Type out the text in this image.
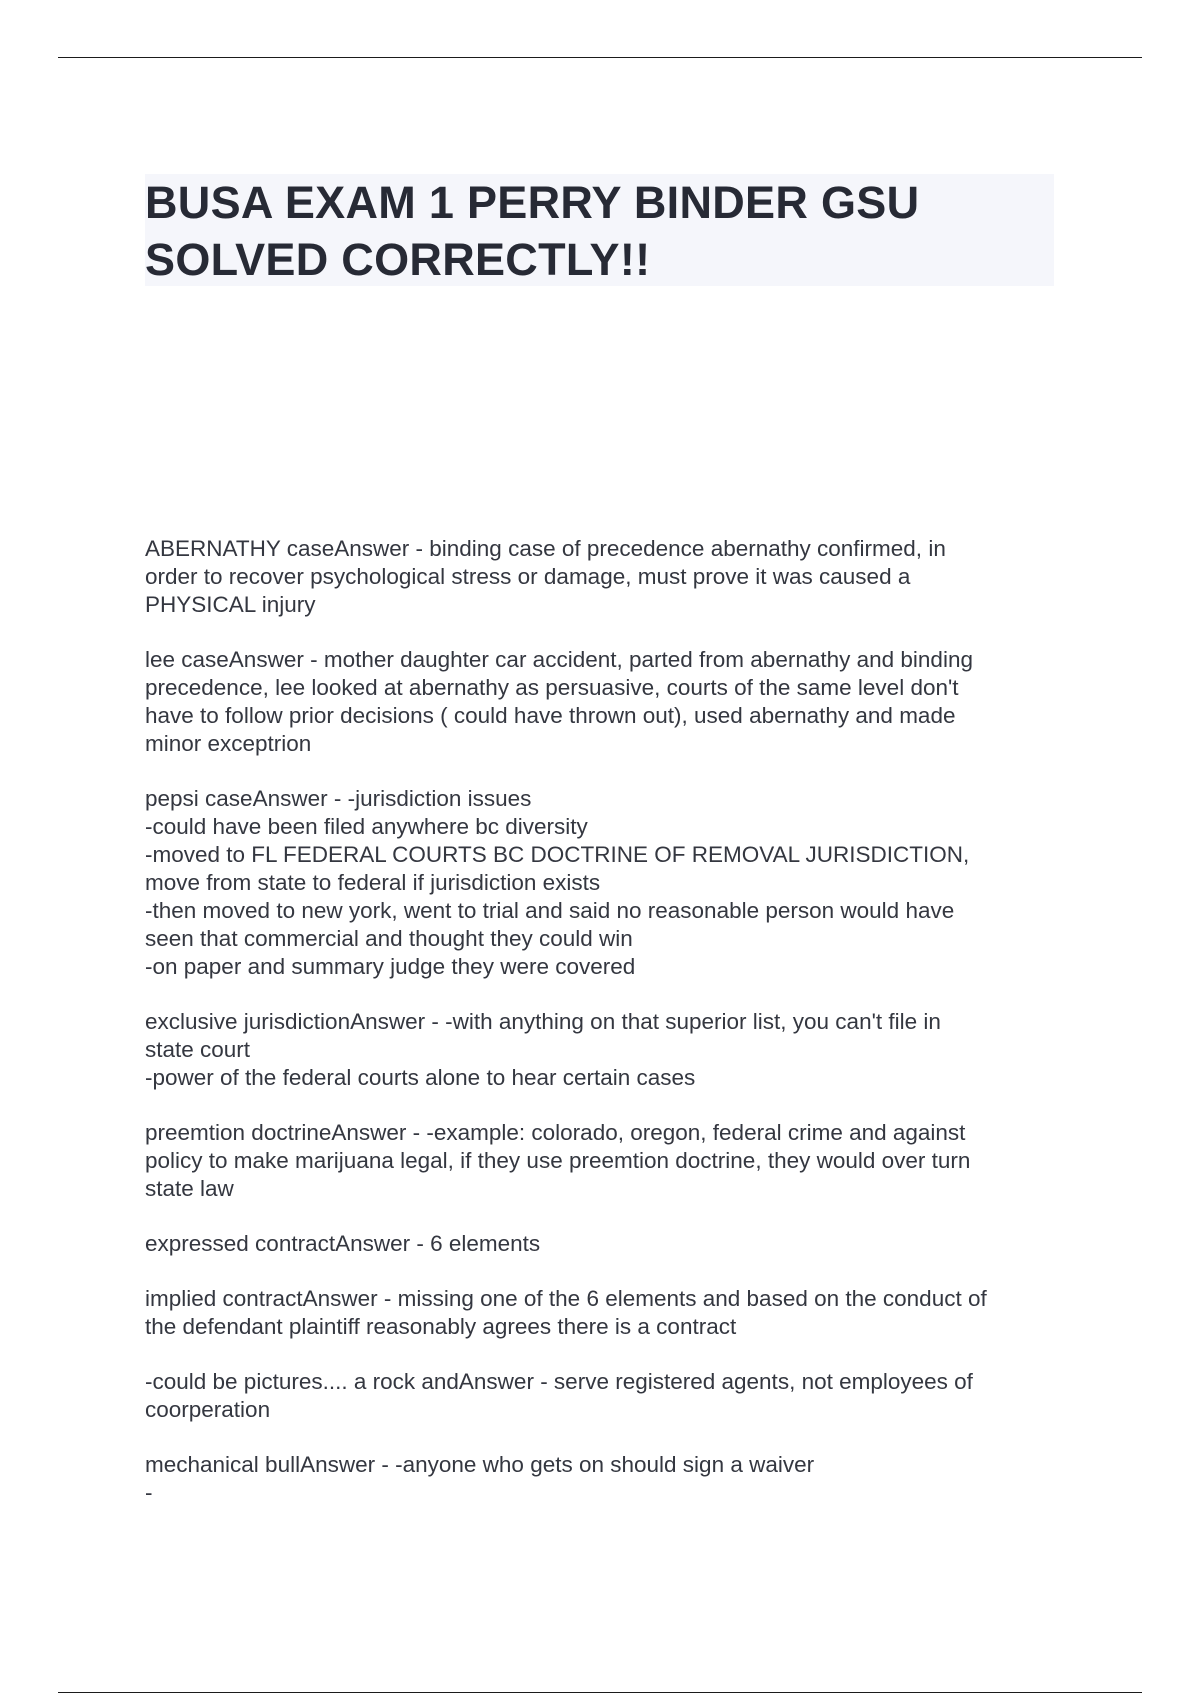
BUSA EXAM 1 PERRY BINDER GSU
SOLVED CORRECTLY!!

ABERNATHY caseAnswer - binding case of precedence abernathy confirmed, in
order to recover psychological stress or damage, must prove it was caused a
PHYSICAL injury

lee caseAnswer - mother daughter car accident, parted from abernathy and binding
precedence, lee looked at abernathy as persuasive, courts of the same level don't
have to follow prior decisions ( could have thrown out), used abernathy and made
minor exceptrion

pepsi caseAnswer - -jurisdiction issues
-could have been filed anywhere bc diversity
-moved to FL FEDERAL COURTS BC DOCTRINE OF REMOVAL JURISDICTION,
move from state to federal if jurisdiction exists
-then moved to new york, went to trial and said no reasonable person would have
seen that commercial and thought they could win
-on paper and summary judge they were covered

exclusive jurisdictionAnswer - -with anything on that superior list, you can't file in
state court
-power of the federal courts alone to hear certain cases

preemtion doctrineAnswer - -example: colorado, oregon, federal crime and against
policy to make marijuana legal, if they use preemtion doctrine, they would over turn
state law

expressed contractAnswer - 6 elements

implied contractAnswer - missing one of the 6 elements and based on the conduct of
the defendant plaintiff reasonably agrees there is a contract

-could be pictures.... a rock andAnswer - serve registered agents, not employees of
coorperation

mechanical bullAnswer - -anyone who gets on should sign a waiver
-
